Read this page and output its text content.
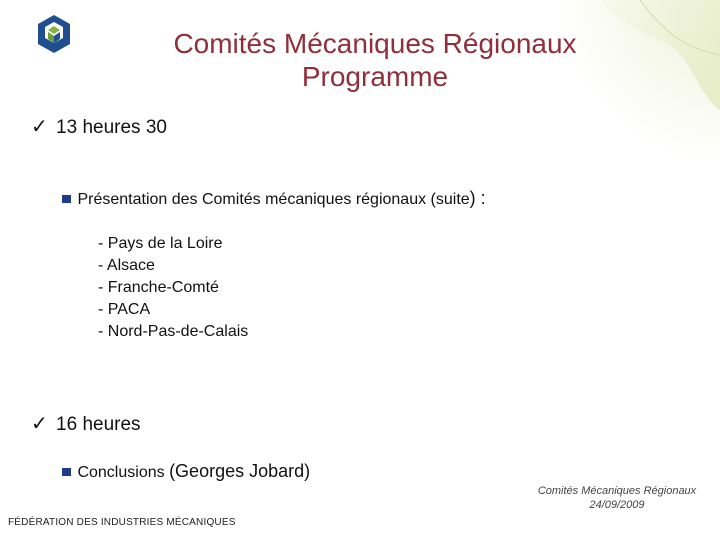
Comités Mécaniques Régionaux
Programme
✓ 13 heures 30
Présentation des Comités mécaniques régionaux (suite) :
- Pays de la Loire
- Alsace
- Franche-Comté
- PACA
- Nord-Pas-de-Calais
✓ 16 heures
Conclusions (Georges Jobard)
Comités Mécaniques Régionaux
24/09/2009
FÉDÉRATION DES INDUSTRIES MÉCANIQUES
